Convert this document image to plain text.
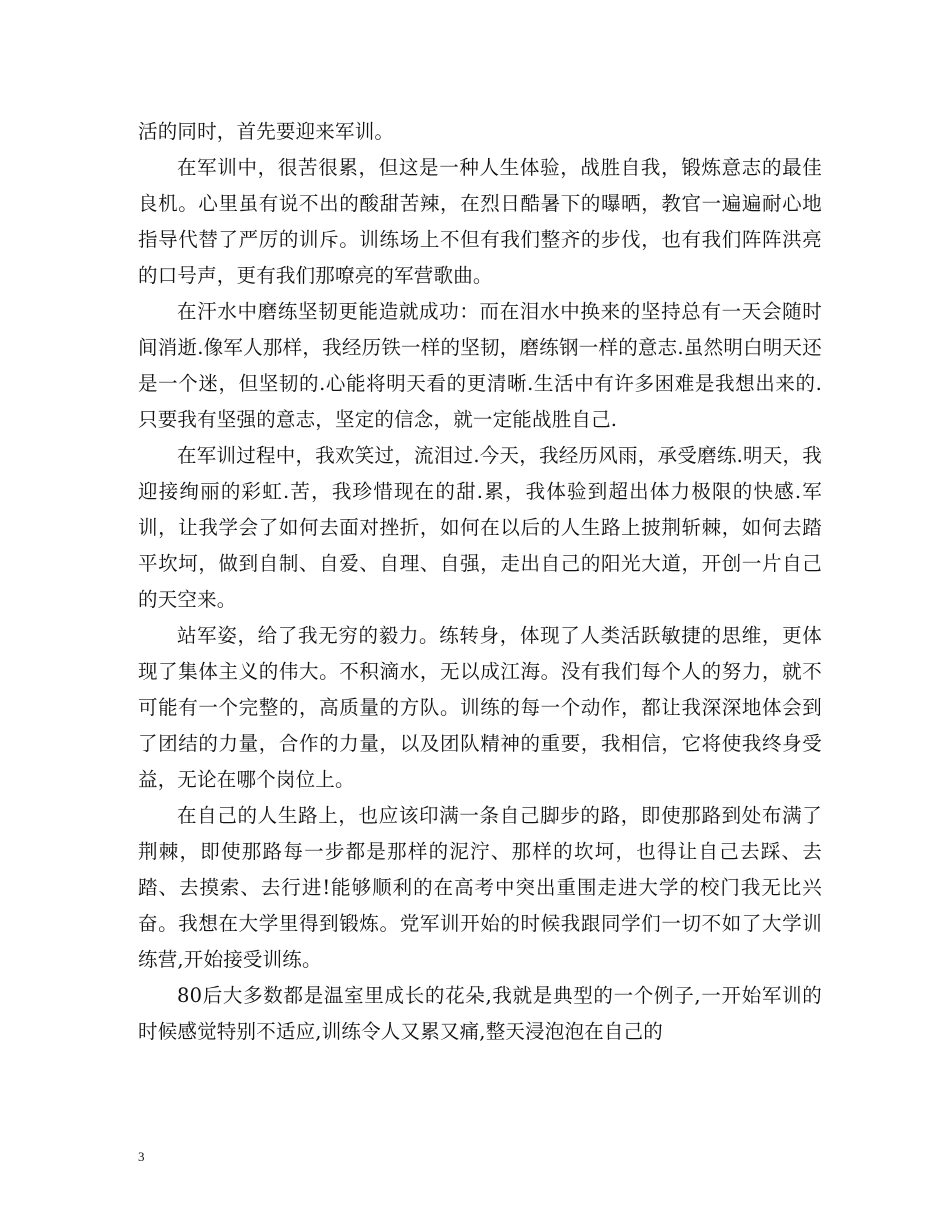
活的同时，首先要迎来军训。

在军训中，很苦很累，但这是一种人生体验，战胜自我，锻炼意志的最佳良机。心里虽有说不出的酸甜苦辣，在烈日酷暑下的曝晒，教官一遍遍耐心地指导代替了严厉的训斥。训练场上不但有我们整齐的步伐，也有我们阵阵洪亮的口号声，更有我们那嘹亮的军营歌曲。

在汗水中磨练坚韧更能造就成功：而在泪水中换来的坚持总有一天会随时间消逝.像军人那样，我经历铁一样的坚韧，磨练钢一样的意志.虽然明白明天还是一个迷，但坚韧的.心能将明天看的更清晰.生活中有许多困难是我想出来的.只要我有坚强的意志，坚定的信念，就一定能战胜自己.

在军训过程中，我欢笑过，流泪过.今天，我经历风雨，承受磨练.明天，我迎接绚丽的彩虹.苦，我珍惜现在的甜.累，我体验到超出体力极限的快感.军训，让我学会了如何去面对挫折，如何在以后的人生路上披荆斩棘，如何去踏平坎坷，做到自制、自爱、自理、自强，走出自己的阳光大道，开创一片自己的天空来。

站军姿，给了我无穷的毅力。练转身，体现了人类活跃敏捷的思维，更体现了集体主义的伟大。不积滴水，无以成江海。没有我们每个人的努力，就不可能有一个完整的，高质量的方队。训练的每一个动作，都让我深深地体会到了团结的力量，合作的力量，以及团队精神的重要，我相信，它将使我终身受益，无论在哪个岗位上。

在自己的人生路上，也应该印满一条自己脚步的路，即使那路到处布满了荆棘，即使那路每一步都是那样的泥泞、那样的坎坷，也得让自己去踩、去踏、去摸索、去行进!能够顺利的在高考中突出重围走进大学的校门我无比兴奋。我想在大学里得到锻炼。党军训开始的时候我跟同学们一切不如了大学训练营,开始接受训练。

80后大多数都是温室里成长的花朵,我就是典型的一个例子,一开始军训的时候感觉特别不适应,训练令人又累又痛,整天浸泡泡在自己的

3
